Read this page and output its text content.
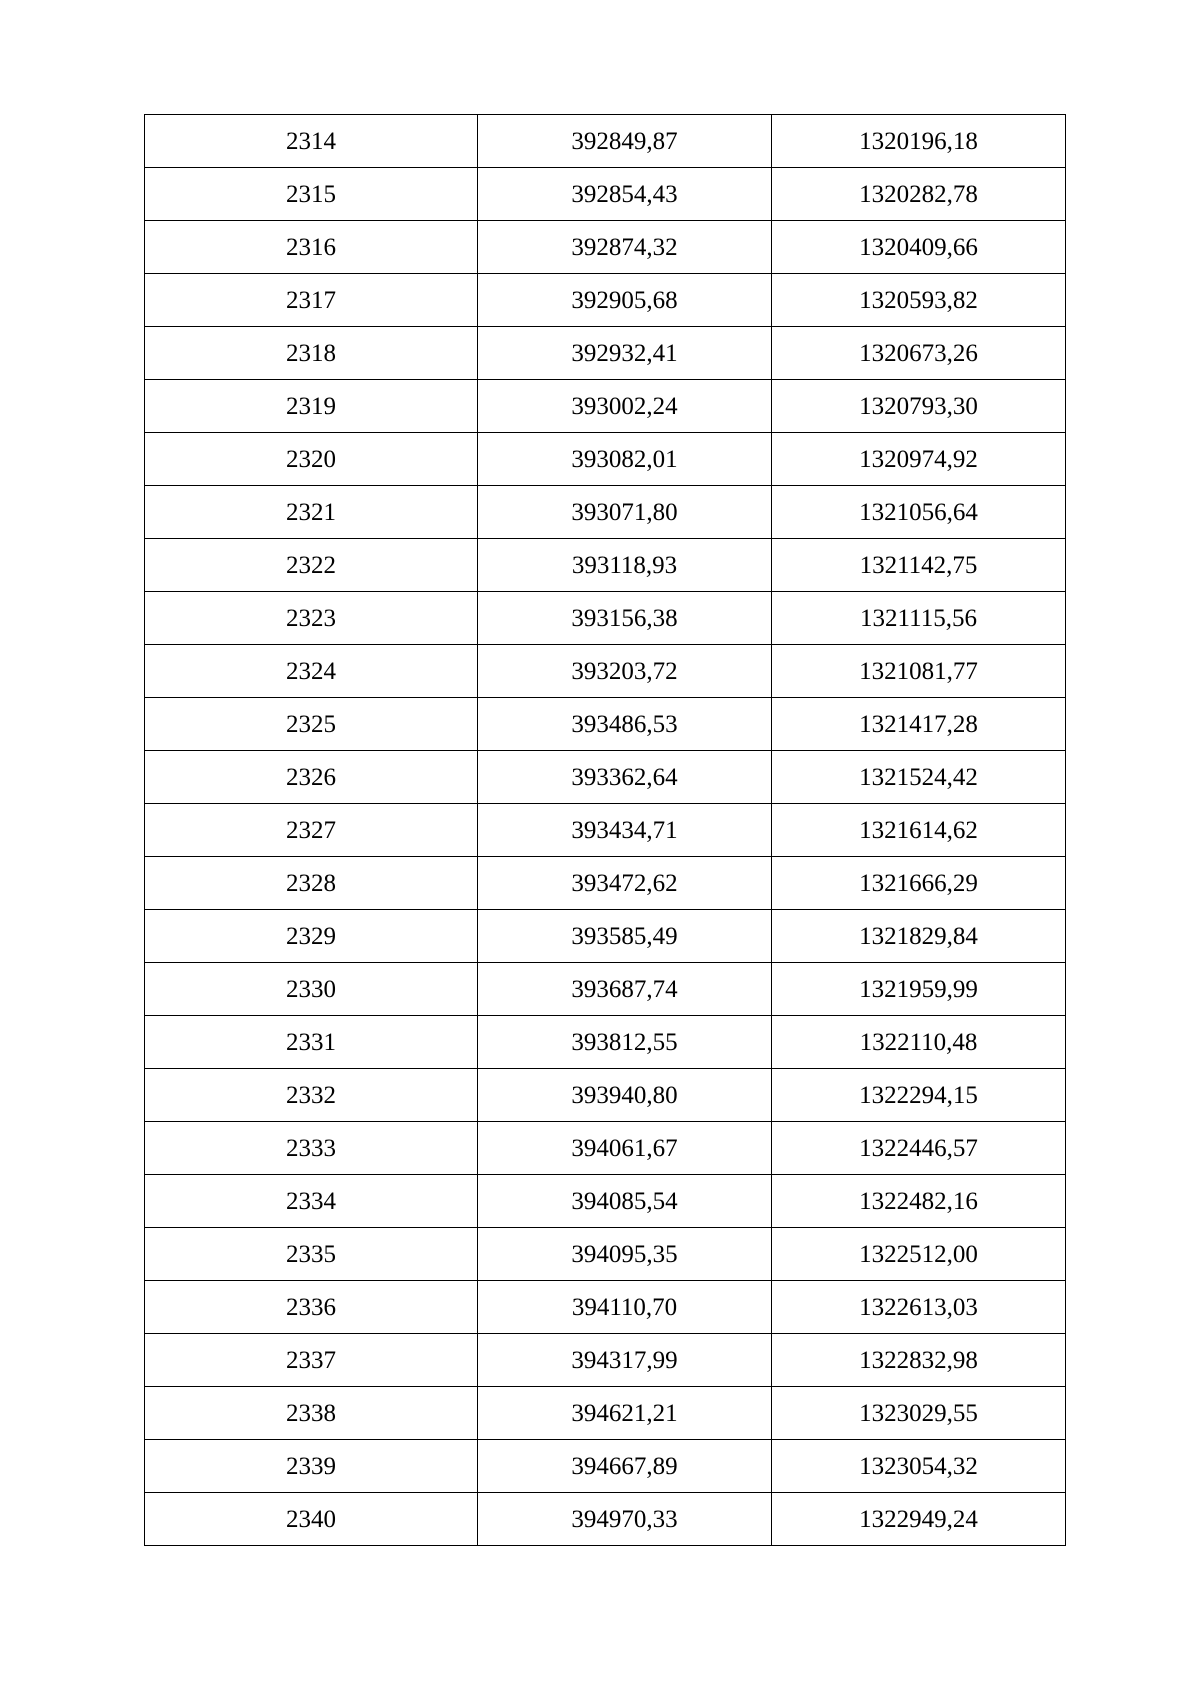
2314	392849,87	1320196,18
2315	392854,43	1320282,78
2316	392874,32	1320409,66
2317	392905,68	1320593,82
2318	392932,41	1320673,26
2319	393002,24	1320793,30
2320	393082,01	1320974,92
2321	393071,80	1321056,64
2322	393118,93	1321142,75
2323	393156,38	1321115,56
2324	393203,72	1321081,77
2325	393486,53	1321417,28
2326	393362,64	1321524,42
2327	393434,71	1321614,62
2328	393472,62	1321666,29
2329	393585,49	1321829,84
2330	393687,74	1321959,99
2331	393812,55	1322110,48
2332	393940,80	1322294,15
2333	394061,67	1322446,57
2334	394085,54	1322482,16
2335	394095,35	1322512,00
2336	394110,70	1322613,03
2337	394317,99	1322832,98
2338	394621,21	1323029,55
2339	394667,89	1323054,32
2340	394970,33	1322949,24
